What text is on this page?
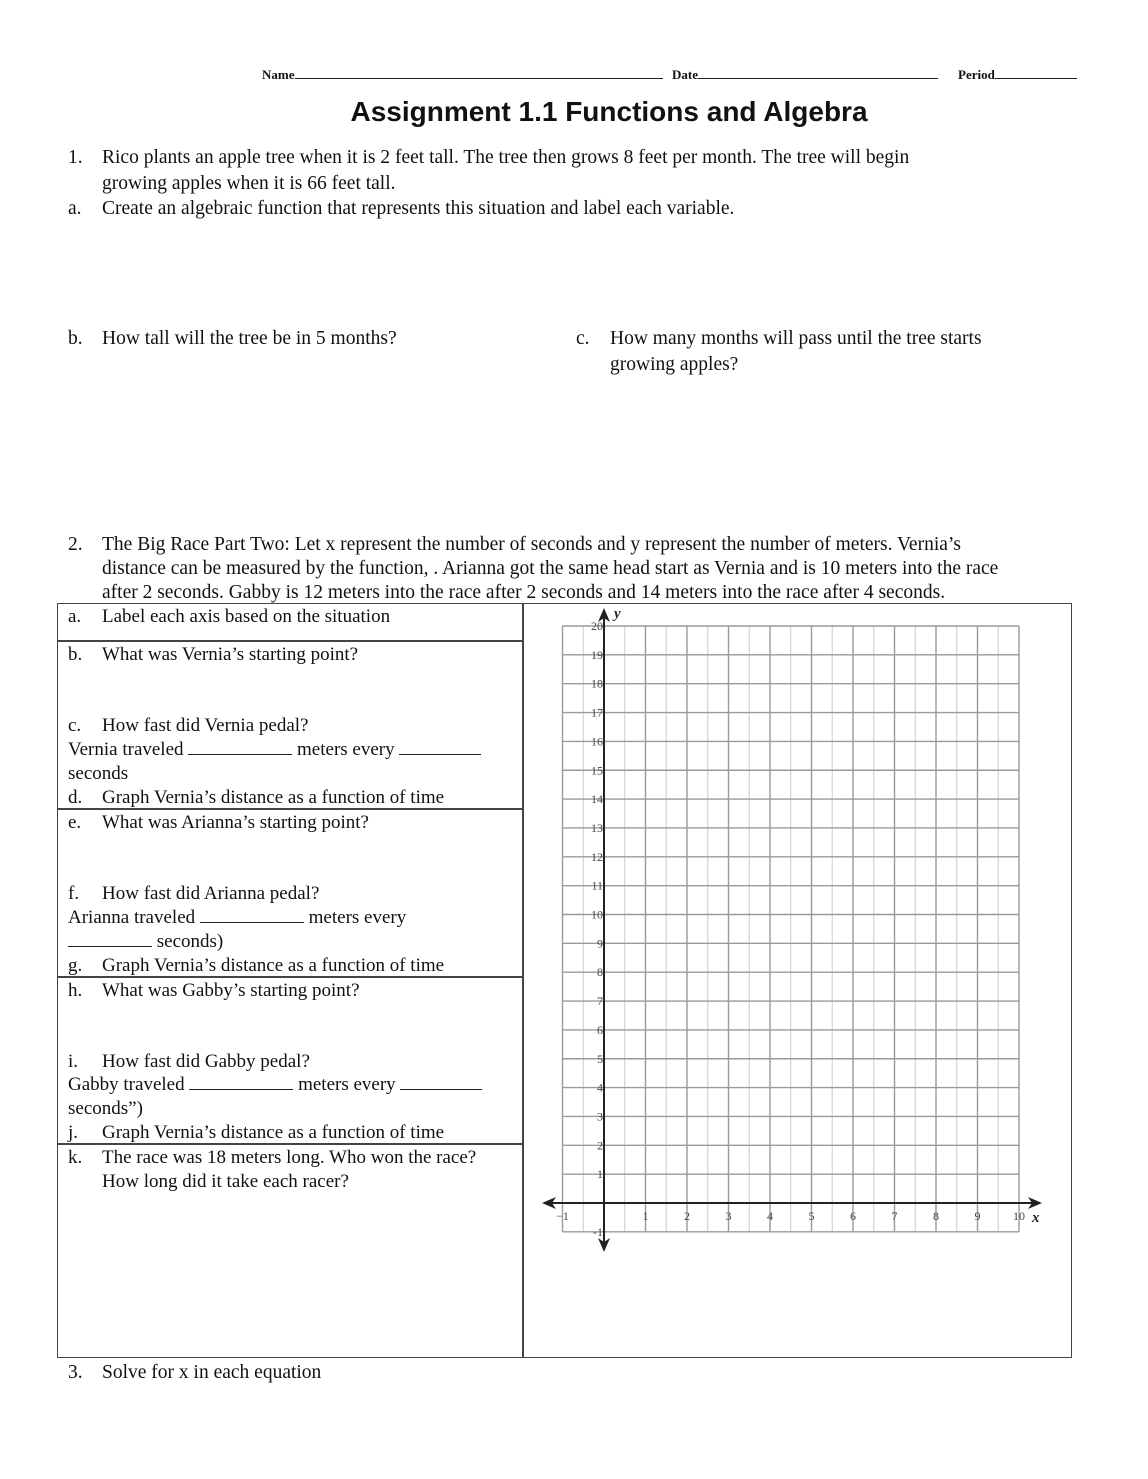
Name	Date	Period
Assignment 1.1 Functions and Algebra
1. Rico plants an apple tree when it is 2 feet tall. The tree then grows 8 feet per month. The tree will begin
growing apples when it is 66 feet tall.
a. Create an algebraic function that represents this situation and label each variable.
b. How tall will the tree be in 5 months?	c. How many months will pass until the tree starts
growing apples?
2. The Big Race Part Two: Let x represent the number of seconds and y represent the number of meters. Vernia’s
distance can be measured by the function, . Arianna got the same head start as Vernia and is 10 meters into the race
after 2 seconds. Gabby is 12 meters into the race after 2 seconds and 14 meters into the race after 4 seconds.
a. Label each axis based on the situation
b. What was Vernia’s starting point?
c. How fast did Vernia pedal?
Vernia traveled	meters every
seconds
d. Graph Vernia’s distance as a function of time
e. What was Arianna’s starting point?
f. How fast did Arianna pedal?
Arianna traveled	meters every
seconds)
g. Graph Vernia’s distance as a function of time
h. What was Gabby’s starting point?
i. How fast did Gabby pedal?
Gabby traveled	meters every
seconds”)
j. Graph Vernia’s distance as a function of time
k. The race was 18 meters long. Who won the race?
How long did it take each racer?
y
x
-1
1
2
3
4
5
6
7
8
9
10
11
12
13
14
15
16
17
18
19
20
−1	1	2	3	4	5	6	7	8	9	10
3. Solve for x in each equation
